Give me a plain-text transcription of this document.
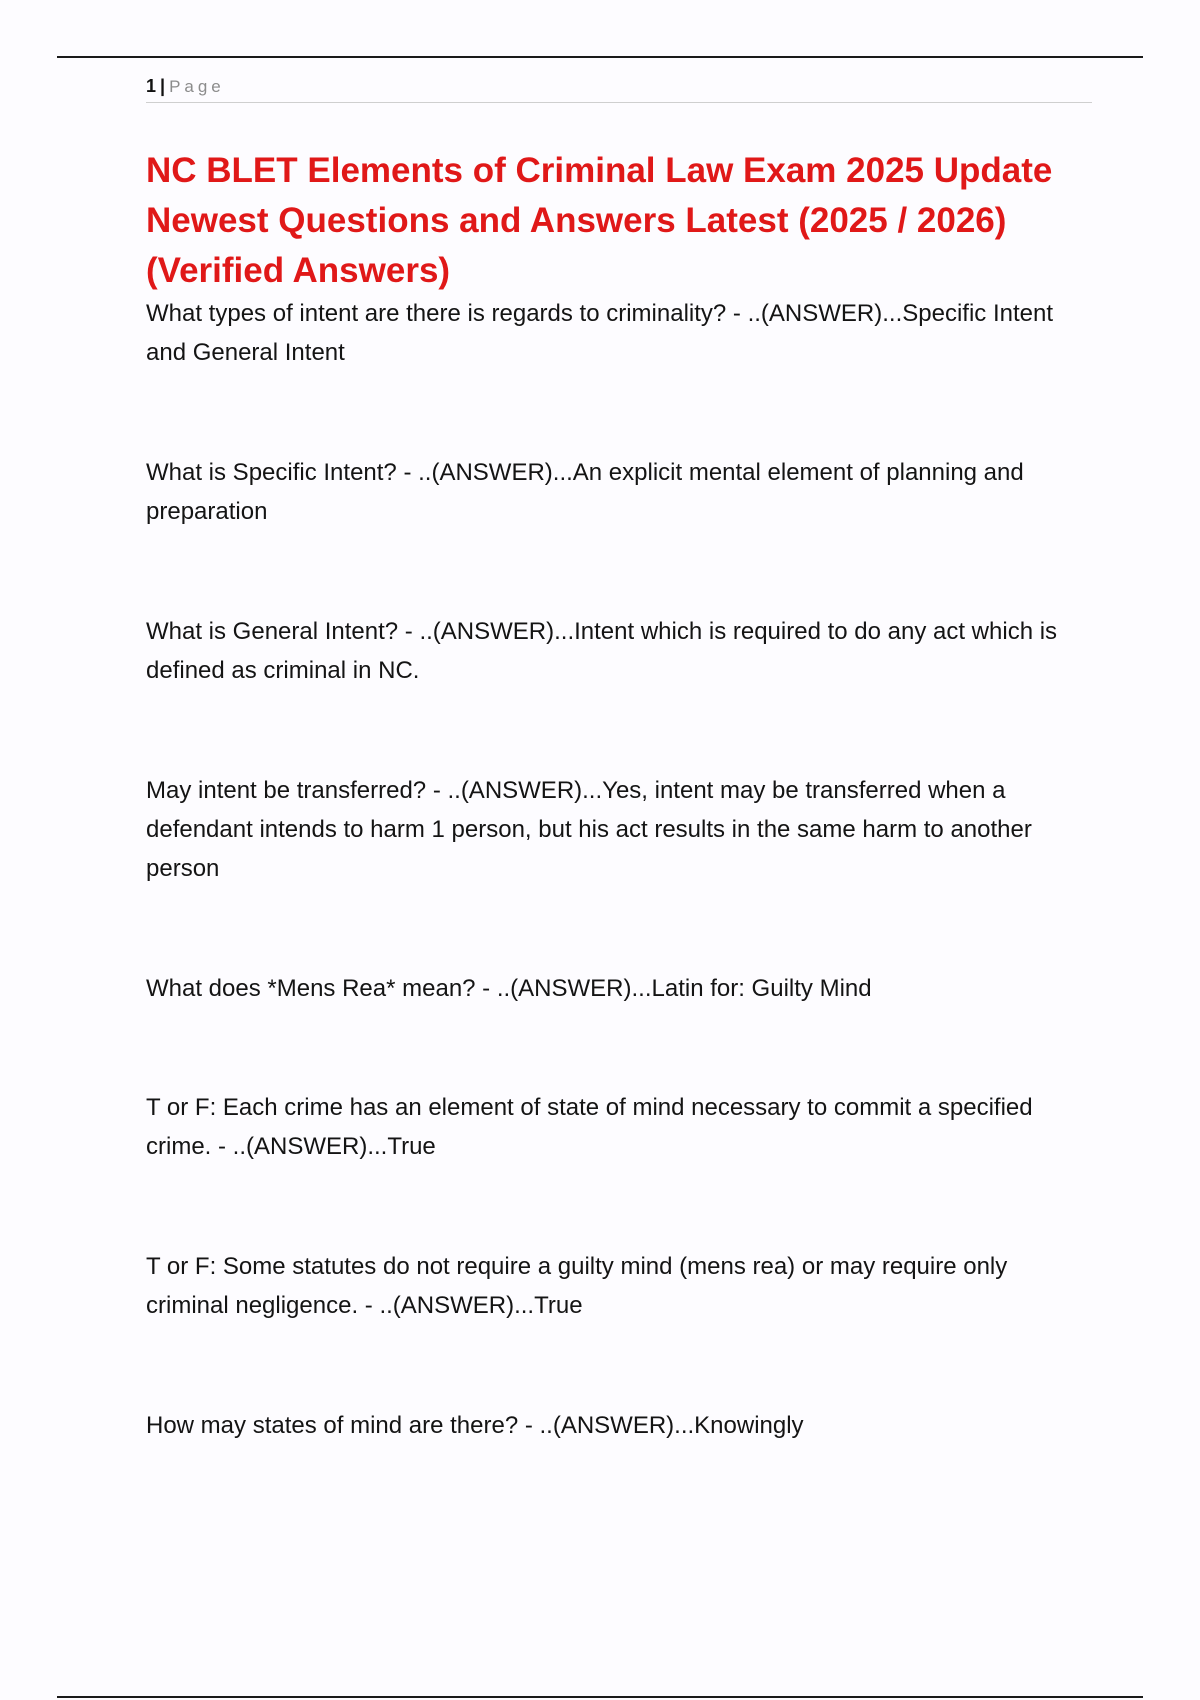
1 | Page
NC BLET Elements of Criminal Law Exam 2025 Update Newest Questions and Answers Latest (2025 / 2026) (Verified Answers)
What types of intent are there is regards to criminality? - ..(ANSWER)...Specific Intent and General Intent
What is Specific Intent? - ..(ANSWER)...An explicit mental element of planning and preparation
What is General Intent? - ..(ANSWER)...Intent which is required to do any act which is defined as criminal in NC.
May intent be transferred? - ..(ANSWER)...Yes, intent may be transferred when a defendant intends to harm 1 person, but his act results in the same harm to another person
What does *Mens Rea* mean? - ..(ANSWER)...Latin for: Guilty Mind
T or F: Each crime has an element of state of mind necessary to commit a specified crime. - ..(ANSWER)...True
T or F: Some statutes do not require a guilty mind (mens rea) or may require only criminal negligence. - ..(ANSWER)...True
How may states of mind are there? - ..(ANSWER)...Knowingly
